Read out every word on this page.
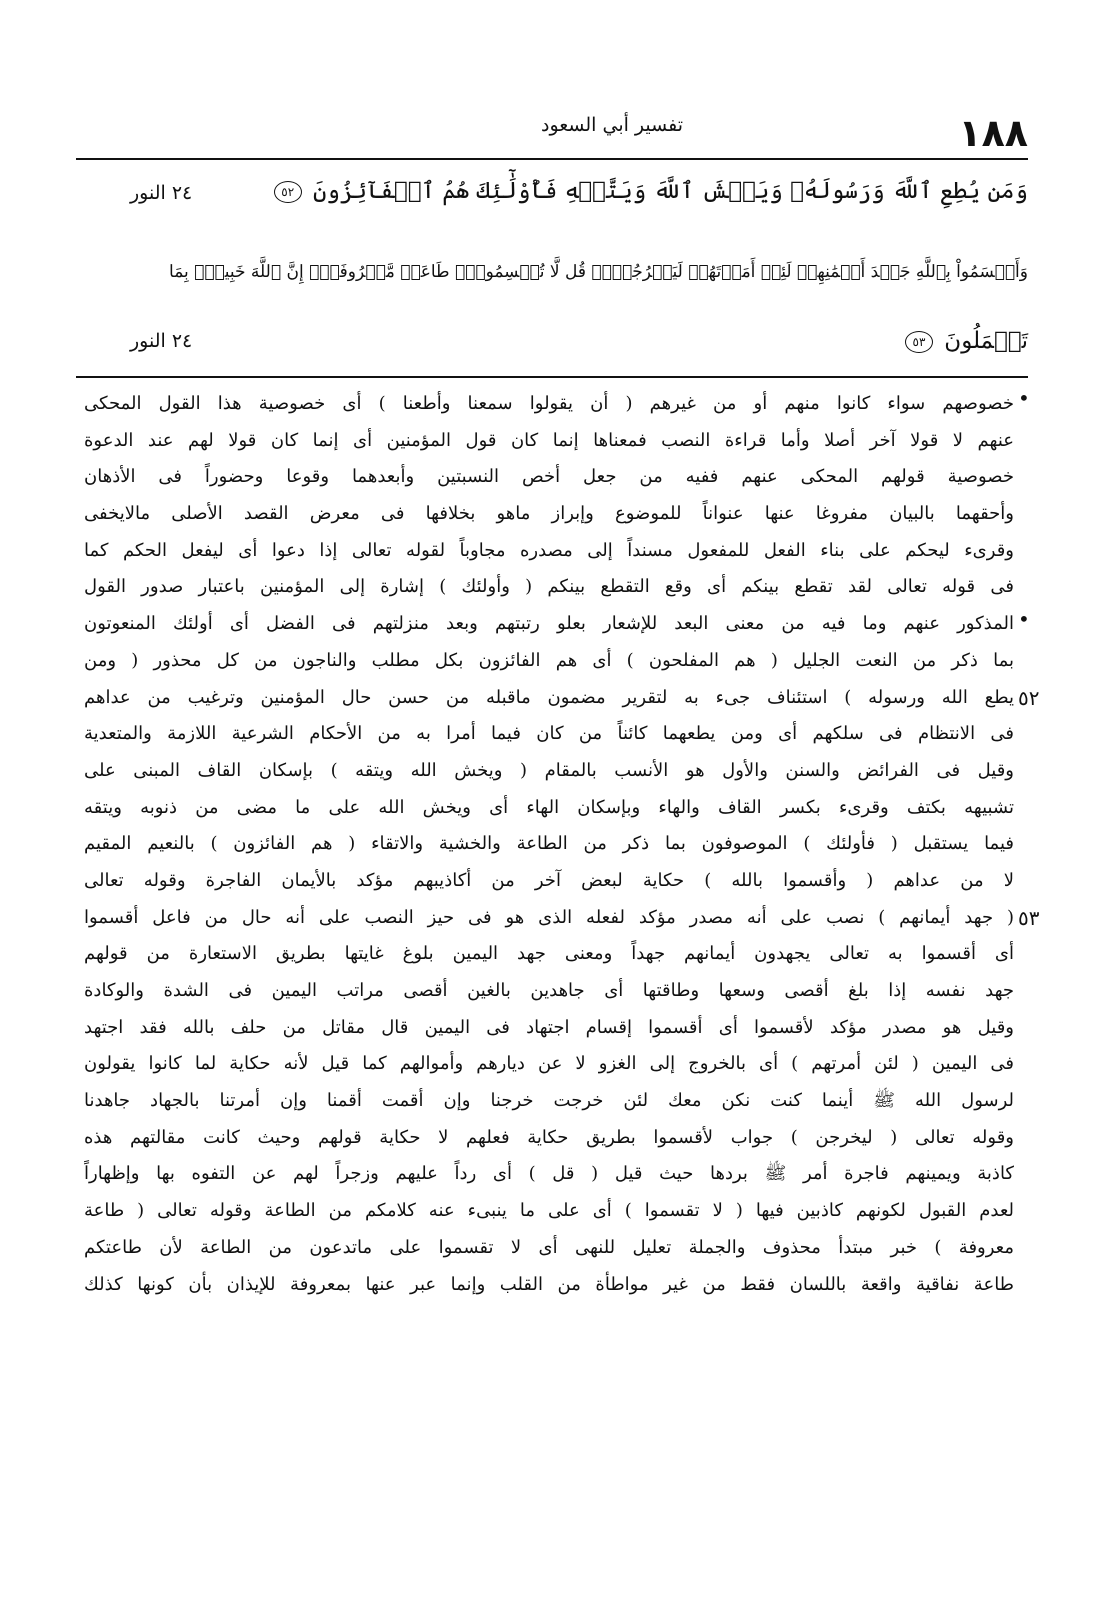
١٨٨
تفسير أبي السعود
وَمَن يُطِعِ ٱللَّهَ وَرَسُولَهُۥ وَيَخۡشَ ٱللَّهَ وَيَتَّقۡهِ فَأُوْلَٰٓئِكَ هُمُ ٱلۡفَآئِزُونَ ٥٢
٢٤ النور
وَأَقۡسَمُواْ بِٱللَّهِ جَهۡدَ أَيۡمَٰنِهِمۡ لَئِنۡ أَمَرۡتَهُمۡ لَيَخۡرُجُنَّۖ قُل لَّا تُقۡسِمُواْۖ طَاعَةٞ مَّعۡرُوفَةٌۚ إِنَّ ٱللَّهَ خَبِيرُۢ بِمَا
تَعۡمَلُونَ ٥٣
٢٤ النور
خصوصهم سواء كانوا منهم أو من غيرهم ( أن يقولوا سمعنا وأطعنا ) أى خصوصية هذا القول المحكى
عنهم لا قولا آخر أصلا وأما قراءة النصب فمعناها إنما كان قول المؤمنين أى إنما كان قولا لهم عند الدعوة
خصوصية قولهم المحكى عنهم ففيه من جعل أخص النسبتين وأبعدهما وقوعا وحضوراً فى الأذهان
وأحقهما بالبيان مفروغا عنها عنواناً للموضوع وإبراز ماهو بخلافها فى معرض القصد الأصلى مالايخفى
وقرىء ليحكم على بناء الفعل للمفعول مسنداً إلى مصدره مجاوباً لقوله تعالى إذا دعوا أى ليفعل الحكم كما
فى قوله تعالى لقد تقطع بينكم أى وقع التقطع بينكم ( وأولئك ) إشارة إلى المؤمنين باعتبار صدور القول
المذكور عنهم وما فيه من معنى البعد للإشعار بعلو رتبتهم وبعد منزلتهم فى الفضل أى أولئك المنعوتون
بما ذكر من النعت الجليل ( هم المفلحون ) أى هم الفائزون بكل مطلب والناجون من كل محذور ( ومن
يطع الله ورسوله ) استئناف جىء به لتقرير مضمون ماقبله من حسن حال المؤمنين وترغيب من عداهم
فى الانتظام فى سلكهم أى ومن يطعهما كائناً من كان فيما أمرا به من الأحكام الشرعية اللازمة والمتعدية
وقيل فى الفرائض والسنن والأول هو الأنسب بالمقام ( ويخش الله ويتقه ) بإسكان القاف المبنى على
تشبيهه بكتف وقرىء بكسر القاف والهاء وبإسكان الهاء أى ويخش الله على ما مضى من ذنوبه ويتقه
فيما يستقبل ( فأولئك ) الموصوفون بما ذكر من الطاعة والخشية والاتقاء ( هم الفائزون ) بالنعيم المقيم
لا من عداهم ( وأقسموا بالله ) حكاية لبعض آخر من أكاذيبهم مؤكد بالأيمان الفاجرة وقوله تعالى
( جهد أيمانهم ) نصب على أنه مصدر مؤكد لفعله الذى هو فى حيز النصب على أنه حال من فاعل أقسموا
أى أقسموا به تعالى يجهدون أيمانهم جهداً ومعنى جهد اليمين بلوغ غايتها بطريق الاستعارة من قولهم
جهد نفسه إذا بلغ أقصى وسعها وطاقتها أى جاهدين بالغين أقصى مراتب اليمين فى الشدة والوكادة
وقيل هو مصدر مؤكد لأقسموا أى أقسموا إقسام اجتهاد فى اليمين قال مقاتل من حلف بالله فقد اجتهد
فى اليمين ( لئن أمرتهم ) أى بالخروج إلى الغزو لا عن ديارهم وأموالهم كما قيل لأنه حكاية لما كانوا يقولون
لرسول الله ﷺ أينما كنت نكن معك لئن خرجت خرجنا وإن أقمت أقمنا وإن أمرتنا بالجهاد جاهدنا
وقوله تعالى ( ليخرجن ) جواب لأقسموا بطريق حكاية فعلهم لا حكاية قولهم وحيث كانت مقالتهم هذه
كاذبة ويمينهم فاجرة أمر ﷺ بردها حيث قيل ( قل ) أى رداً عليهم وزجراً لهم عن التفوه بها وإظهاراً
لعدم القبول لكونهم كاذبين فيها ( لا تقسموا ) أى على ما ينبىء عنه كلامكم من الطاعة وقوله تعالى ( طاعة
معروفة ) خبر مبتدأ محذوف والجملة تعليل للنهى أى لا تقسموا على ماتدعون من الطاعة لأن طاعتكم
طاعة نفاقية واقعة باللسان فقط من غير مواطأة من القلب وإنما عبر عنها بمعروفة للإيذان بأن كونها كذلك
•
•
٥٢
٥٣
